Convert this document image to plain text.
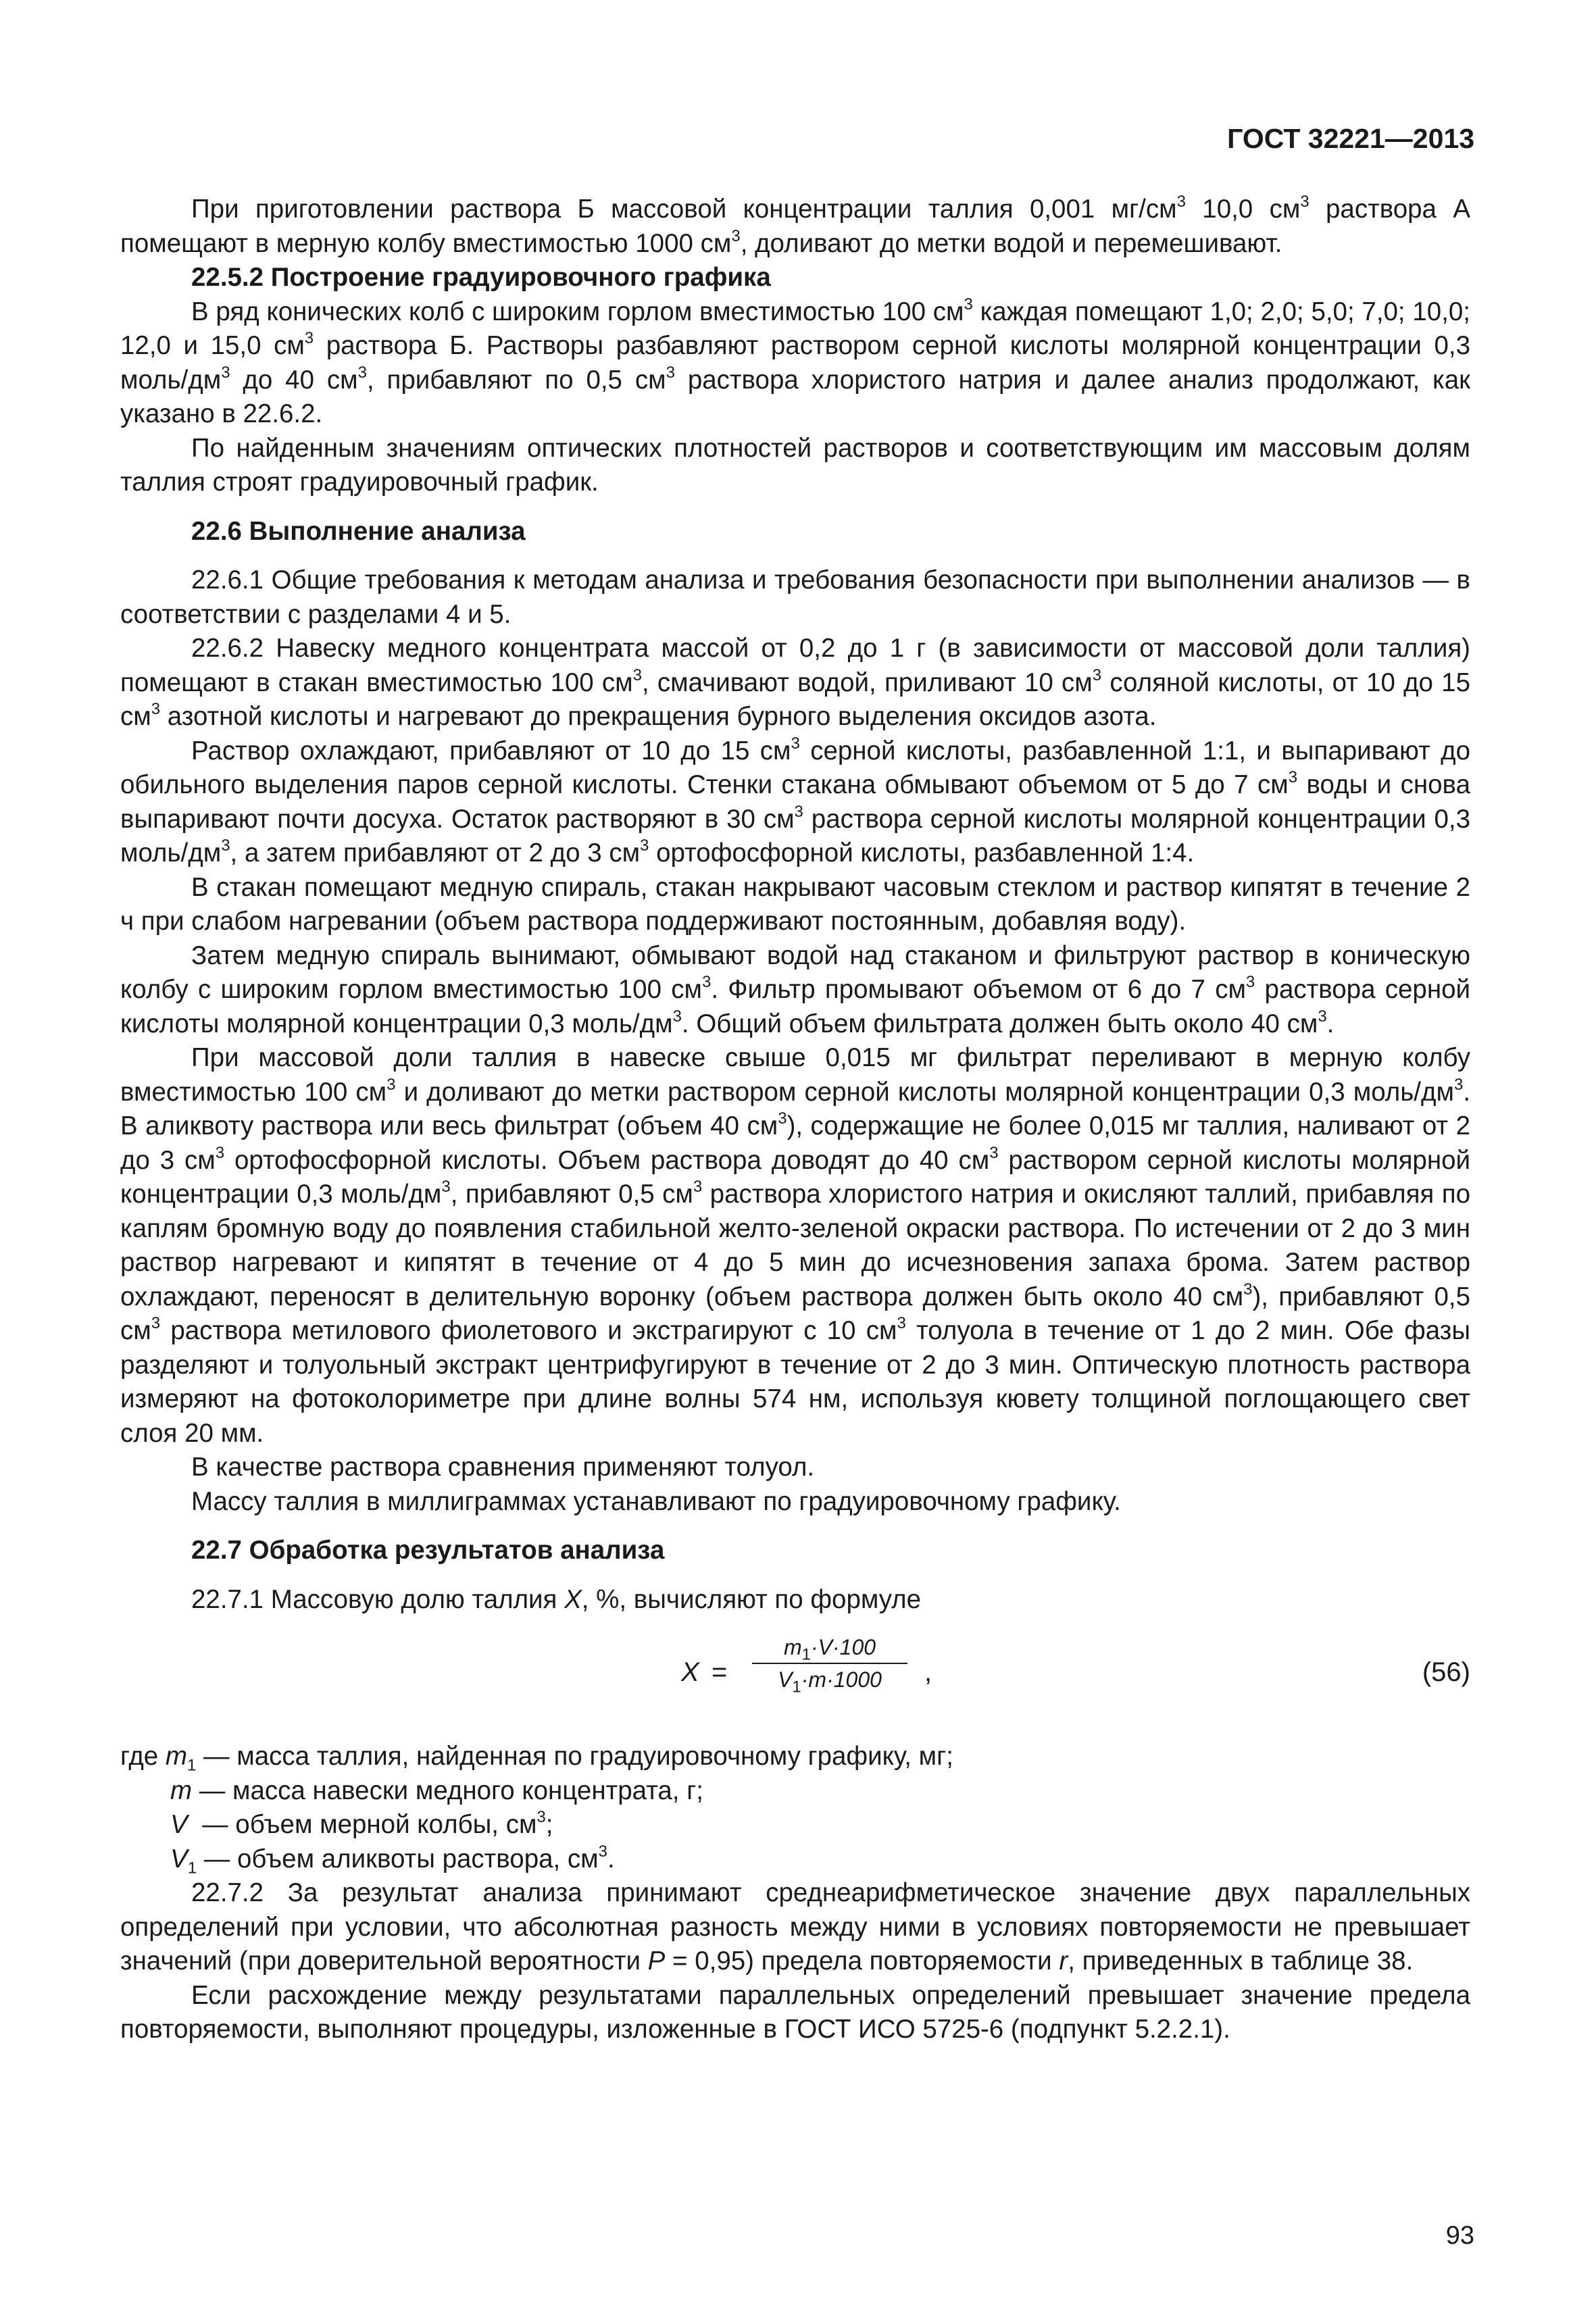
ГОСТ 32221—2013

При приготовлении раствора Б массовой концентрации таллия 0,001 $мг/см^3$ 10,0 $см^3$ раствора А помещают в мерную колбу вместимостью 1000 $см^3$, доливают до метки водой и перемешивают.

22.5.2 Построение градуировочного графика

В ряд конических колб с широким горлом вместимостью 100 $см^3$ каждая помещают 1,0; 2,0; 5,0; 7,0; 10,0; 12,0 и 15,0 $см^3$ раствора Б. Растворы разбавляют раствором серной кислоты молярной концентрации 0,3 моль/$дм^3$ до 40 $см^3$, прибавляют по 0,5 $см^3$ раствора хлористого натрия и далее анализ продолжают, как указано в 22.6.2.

По найденным значениям оптических плотностей растворов и соответствующим им массовым долям таллия строят градуировочный график.

22.6 Выполнение анализа

22.6.1 Общие требования к методам анализа и требования безопасности при выполнении анализов — в соответствии с разделами 4 и 5.

22.6.2 Навеску медного концентрата массой от 0,2 до 1 г (в зависимости от массовой доли таллия) помещают в стакан вместимостью 100 $см^3$, смачивают водой, приливают 10 $см^3$ соляной кислоты, от 10 до 15 $см^3$ азотной кислоты и нагревают до прекращения бурного выделения оксидов азота.

Раствор охлаждают, прибавляют от 10 до 15 $см^3$ серной кислоты, разбавленной 1:1, и выпаривают до обильного выделения паров серной кислоты. Стенки стакана обмывают объемом от 5 до 7 $см^3$ воды и снова выпаривают почти досуха. Остаток растворяют в 30 $см^3$ раствора серной кислоты молярной концентрации 0,3 моль/$дм^3$, а затем прибавляют от 2 до 3 $см^3$ ортофосфорной кислоты, разбавленной 1:4.

В стакан помещают медную спираль, стакан накрывают часовым стеклом и раствор кипятят в течение 2 ч при слабом нагревании (объем раствора поддерживают постоянным, добавляя воду).

Затем медную спираль вынимают, обмывают водой над стаканом и фильтруют раствор в коническую колбу с широким горлом вместимостью 100 $см^3$. Фильтр промывают объемом от 6 до 7 $см^3$ раствора серной кислоты молярной концентрации 0,3 моль/$дм^3$. Общий объем фильтрата должен быть около 40 $см^3$.

При массовой доли таллия в навеске свыше 0,015 мг фильтрат переливают в мерную колбу вместимостью 100 $см^3$ и доливают до метки раствором серной кислоты молярной концентрации 0,3 моль/$дм^3$. В аликвоту раствора или весь фильтрат (объем 40 $см^3$), содержащие не более 0,015 мг таллия, наливают от 2 до 3 $см^3$ ортофосфорной кислоты. Объем раствора доводят до 40 $см^3$ раствором серной кислоты молярной концентрации 0,3 моль/$дм^3$, прибавляют 0,5 $см^3$ раствора хлористого натрия и окисляют таллий, прибавляя по каплям бромную воду до появления стабильной желто-зеленой окраски раствора. По истечении от 2 до 3 мин раствор нагревают и кипятят в течение от 4 до 5 мин до исчезновения запаха брома. Затем раствор охлаждают, переносят в делительную воронку (объем раствора должен быть около 40 $см^3$), прибавляют 0,5 $см^3$ раствора метилового фиолетового и экстрагируют с 10 $см^3$ толуола в течение от 1 до 2 мин. Обе фазы разделяют и толуольный экстракт центрифугируют в течение от 2 до 3 мин. Оптическую плотность раствора измеряют на фотоколориметре при длине волны 574 нм, используя кювету толщиной поглощающего свет слоя 20 мм.

В качестве раствора сравнения применяют толуол.

Массу таллия в миллиграммах устанавливают по градуировочному графику.

22.7 Обработка результатов анализа

22.7.1 Массовую долю таллия X, %, вычисляют по формуле

X =
$m_1\cdot V\cdot 100$
$V_1\cdot m\cdot 1000$	,	(56)

где $m_1$ — масса таллия, найденная по градуировочному графику, мг;

m — масса навески медного концентрата, г;

V  — объем мерной колбы, $см^3$;

$V_1$ — объем аликвоты раствора, $см^3$.

22.7.2 За результат анализа принимают среднеарифметическое значение двух параллельных определений при условии, что абсолютная разность между ними в условиях повторяемости не превышает значений (при доверительной вероятности P = 0,95) предела повторяемости r, приведенных в таблице 38.

Если расхождение между результатами параллельных определений превышает значение предела повторяемости, выполняют процедуры, изложенные в ГОСТ ИСО 5725-6 (подпункт 5.2.2.1).

93
